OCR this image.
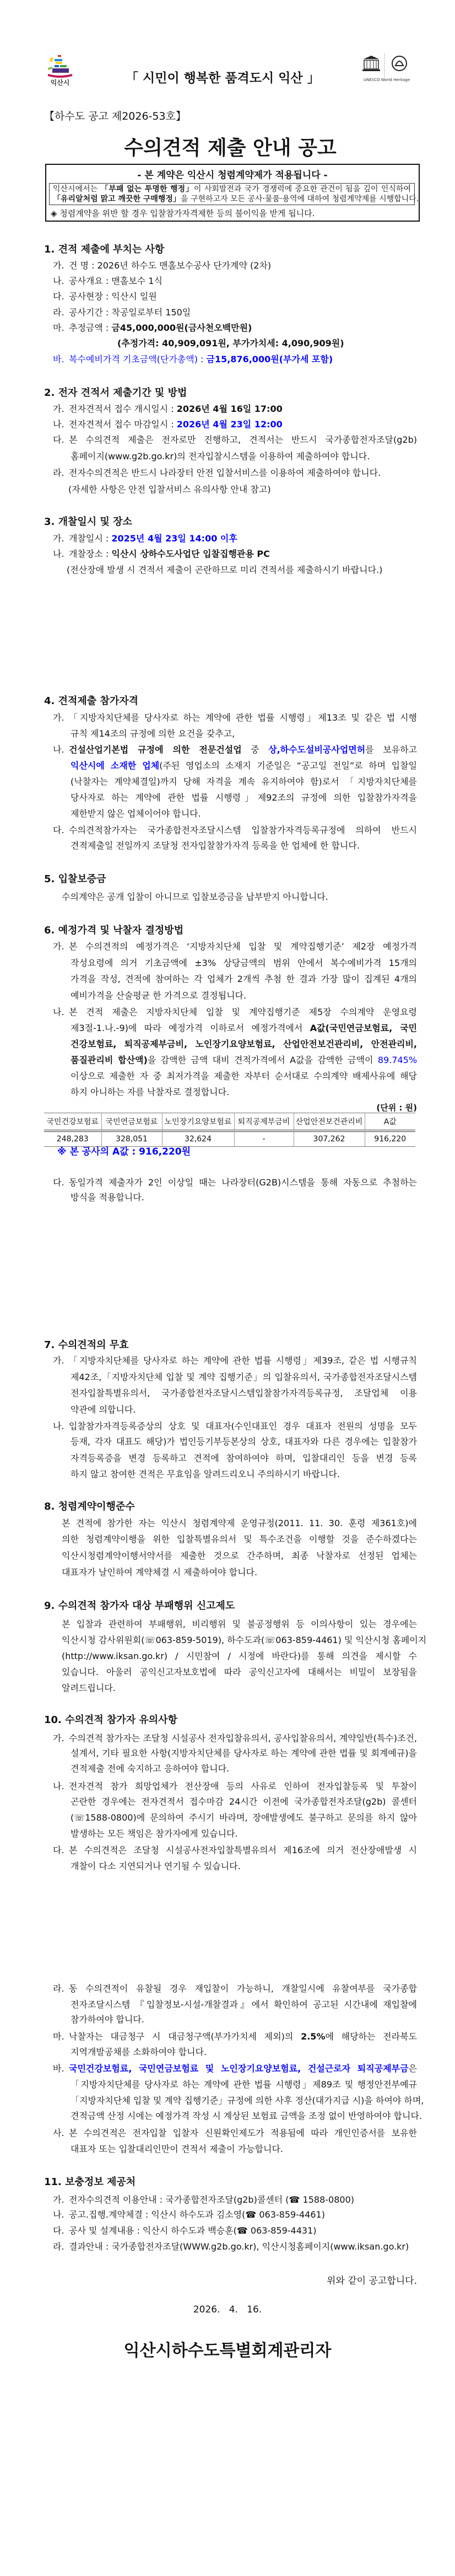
익산시	「 시민이 행복한 품격도시 익산 」	UNESCO World Heritage
【하수도 공고 제2026-53호】
수의견적 제출 안내 공고
- 본 계약은 익산시 청렴계약제가 적용됩니다 -
익산시에서는 「부패 없는 투명한 행정」이 사회발전과 국가 경쟁력에 중요한 관건이 됨을 깊이 인식하여
「유리알처럼 맑고 깨끗한 구매행정」을 구현하고자 모든 공사·물품·용역에 대하여 청렴계약제를 시행합니다.
◈ 청렴계약을 위반 할 경우 입찰참가자격제한 등의 불이익을 받게 됩니다.
1. 견적 제출에 부치는 사항
가. 건 명 : 2026년 하수도 맨홀보수공사 단가계약 (2차)
나. 공사개요 : 맨홀보수 1식
다. 공사현장 : 익산시 일원
라. 공사기간 : 착공일로부터 150일
마. 추정금액 : 금45,000,000원(금사천오백만원)
(추정가격: 40,909,091원, 부가가치세: 4,090,909원)
바. 복수예비가격 기초금액(단가총액) : 금15,876,000원(부가세 포함)
2. 전자 견적서 제출기간 및 방법
가. 전자견적서 접수 개시일시 : 2026년 4월 16일 17:00
나. 전자견적서 접수 마감일시 : 2026년 4월 23일 12:00
다. 본 수의견적 제출은 전자로만 진행하고, 견적서는 반드시 국가종합전자조달(g2b)
홈페이지(www.g2b.go.kr)의 전자입찰시스템을 이용하여 제출하여야 합니다.
라. 전자수의견적은 반드시 나라장터 안전 입찰서비스를 이용하여 제출하여야 합니다.
(자세한 사항은 안전 입찰서비스 유의사항 안내 참고)
3. 개찰일시 및 장소
가. 개찰일시 : 2025년 4월 23일 14:00 이후
나. 개찰장소 : 익산시 상하수도사업단 입찰집행관용 PC
(전산장애 발생 시 견적서 제출이 곤란하므로 미리 견적서를 제출하시기 바랍니다.)
4. 견적제출 참가자격
가. 「지방자치단체를 당사자로 하는 계약에 관한 법률 시행령」제13조 및 같은 법 시행
규칙 제14조의 규정에 의한 요건을 갖추고,
나. 건설산업기본법 규정에 의한 전문건설업 중 상,하수도설비공사업면허를 보유하고
익산시에 소재한 업체(주된 영업소의 소재지 기준일은 “공고일 전일”로 하며 입찰일
(낙찰자는 계약체결일)까지 당해 자격을 계속 유지하여야 함)로서 「지방자치단체를
당사자로 하는 계약에 관한 법률 시행령」제92조의 규정에 의한 입찰참가자격을
제한받지 않은 업체이어야 합니다.
다. 수의견적참가자는 국가종합전자조달시스템 입찰참가자격등록규정에 의하여 반드시
견적제출일 전일까지 조달청 전자입찰참가자격 등록을 한 업체에 한 합니다.
5. 입찰보증금
수의계약은 공개 입찰이 아니므로 입찰보증금을 납부받지 아니합니다.
6. 예정가격 및 낙찰자 결정방법
가. 본 수의견적의 예정가격은 ‘지방자치단체 입찰 및 계약집행기준’ 제2장 예정가격
작성요령에 의거 기초금액에 ±3% 상당금액의 범위 안에서 복수예비가격 15개의
가격을 작성, 견적에 참여하는 각 업체가 2개씩 추첨 한 결과 가장 많이 집계된 4개의
예비가격을 산술평균 한 가격으로 결정됩니다.
나. 본 견적 제출은 지방자치단체 입찰 및 계약집행기준 제5장 수의계약 운영요령
제3절-1.나.-9)에 따라 예정가격 이하로서 예정가격에서 A값(국민연금보험료, 국민
건강보험료, 퇴직공제부금비, 노인장기요양보험료, 산업안전보건관리비, 안전관리비,
품질관리비 합산액)을 감액한 금액 대비 견적가격에서 A값을 감액한 금액이 89.745%
이상으로 제출한 자 중 최저가격을 제출한 자부터 순서대로 수의계약 배제사유에 해당
하지 아니하는 자를 낙찰자로 결정합니다.
다. 동일가격 제출자가 2인 이상일 때는 나라장터(G2B)시스템을 통해 자동으로 추첨하는
방식을 적용합니다.
7. 수의견적의 무효
가. 「지방자치단체를 당사자로 하는 계약에 관한 법률 시행령」제39조, 같은 법 시행규칙
제42조,「지방자치단체 입찰 및 계약 집행기준」의 입찰유의서, 국가종합전자조달시스템
전자입찰특별유의서, 국가종합전자조달시스템입찰참가자격등록규정, 조달업체 이용
약관에 의합니다.
나. 입찰참가자격등록증상의 상호 및 대표자(수인대표인 경우 대표자 전원의 성명을 모두
등재, 각자 대표도 해당)가 법인등기부등본상의 상호, 대표자와 다른 경우에는 입찰참가
자격등록증을 변경 등록하고 견적에 참여하여야 하며, 입찰대리인 등을 변경 등록
하지 않고 참여한 견적은 무효임을 알려드리오니 주의하시기 바랍니다.
8. 청렴계약이행준수
본 견적에 참가한 자는 익산시 청렴계약제 운영규정(2011. 11. 30. 훈령 제361호)에
의한 청렴계약이행을 위한 입찰특별유의서 및 특수조건을 이행할 것을 준수하겠다는
익산시청렴계약이행서약서를 제출한 것으로 간주하며, 최종 낙찰자로 선정된 업체는
대표자가 날인하여 계약체결 시 제출하여야 합니다.
9. 수의견적 참가자 대상 부패행위 신고제도
본 입찰과 관련하여 부패행위, 비리행위 및 불공정행위 등 이의사항이 있는 경우에는
익산시청 감사위원회(☏063-859-5019), 하수도과(☏063-859-4461) 및 익산시청 홈페이지
(http://www.iksan.go.kr) / 시민참여 / 시정에 바란다)를 통해 의견을 제시할 수
있습니다. 아울러 공익신고자보호법에 따라 공익신고자에 대해서는 비밀이 보장됨을
알려드립니다.
10. 수의견적 참가자 유의사항
가. 수의견적 참가자는 조달청 시설공사 전자입찰유의서, 공사입찰유의서, 계약일반(특수)조건,
설계서, 기타 필요한 사항(지방자치단체를 당사자로 하는 계약에 관한 법률 및 회계예규)을
견적제출 전에 숙지하고 응하여야 합니다.
나. 전자견적 참가 희망업체가 전산장애 등의 사유로 인하여 전자입찰등록 및 투찰이
곤란한 경우에는 전자견적서 접수마감 24시간 이전에 국가종합전자조달(g2b) 콜센터
(☏1588-0800)에 문의하여 주시기 바라며, 장애발생에도 불구하고 문의를 하지 않아
발생하는 모든 책임은 참가자에게 있습니다.
다. 본 수의견적은 조달청 시설공사전자입찰특별유의서 제16조에 의거 전산장애발생 시
개찰이 다소 지연되거나 연기될 수 있습니다.
라. 동 수의견적이 유찰될 경우 재입찰이 가능하니, 개찰일시에 유찰여부를 국가종합
전자조달시스템 『입찰정보-시설-개찰결과』에서 확인하여 공고된 시간내에 재입찰에
참가하여야 합니다.
마. 낙찰자는 대금청구 시 대금청구액(부가가치세 제외)의 2.5%에 해당하는 전라북도
지역개발공채를 소화하여야 합니다.
바. 국민건강보험료, 국민연금보험료 및 노인장기요양보험료, 건설근로자 퇴직공제부금은
「지방자치단체를 당사자로 하는 계약에 관한 법률 시행령」제89조 및 행정안전부예규
「지방자치단체 입찰 및 계약 집행기준」규정에 의한 사후 정산(대가지급 시)을 하여야 하며,
견적금액 산정 시에는 예정가격 작성 시 계상된 보험료 금액을 조정 없이 반영하여야 합니다.
사. 본 수의견적은 전자입찰 입찰자 신원확인제도가 적용됨에 따라 개인인증서를 보유한
대표자 또는 입찰대리인만이 견적서 제출이 가능합니다.
11. 보충정보 제공처
가. 전자수의견적 이용안내 : 국가종합전자조달(g2b)콜센터 (☎ 1588-0800)
나. 공고.집행.계약체결 : 익산시 하수도과 김소영(☎ 063-859-4461)
다. 공사 및 설계내용 : 익산시 하수도과 백승훈(☎ 063-859-4431)
라. 결과안내 : 국가종합전자조달(WWW.g2b.go.kr), 익산시청홈페이지(www.iksan.go.kr)
(단위 : 원)
국민건강보험료	국민연금보험료	노인장기요양보험료	퇴직공제부금비	산업안전보건관리비	A값
248,283	328,051	32,624	-	307,262	916,220
※ 본 공사의 A값 : 916,220원
위와 같이 공고합니다.
2026.   4.   16.
익산시하수도특별회계관리자
